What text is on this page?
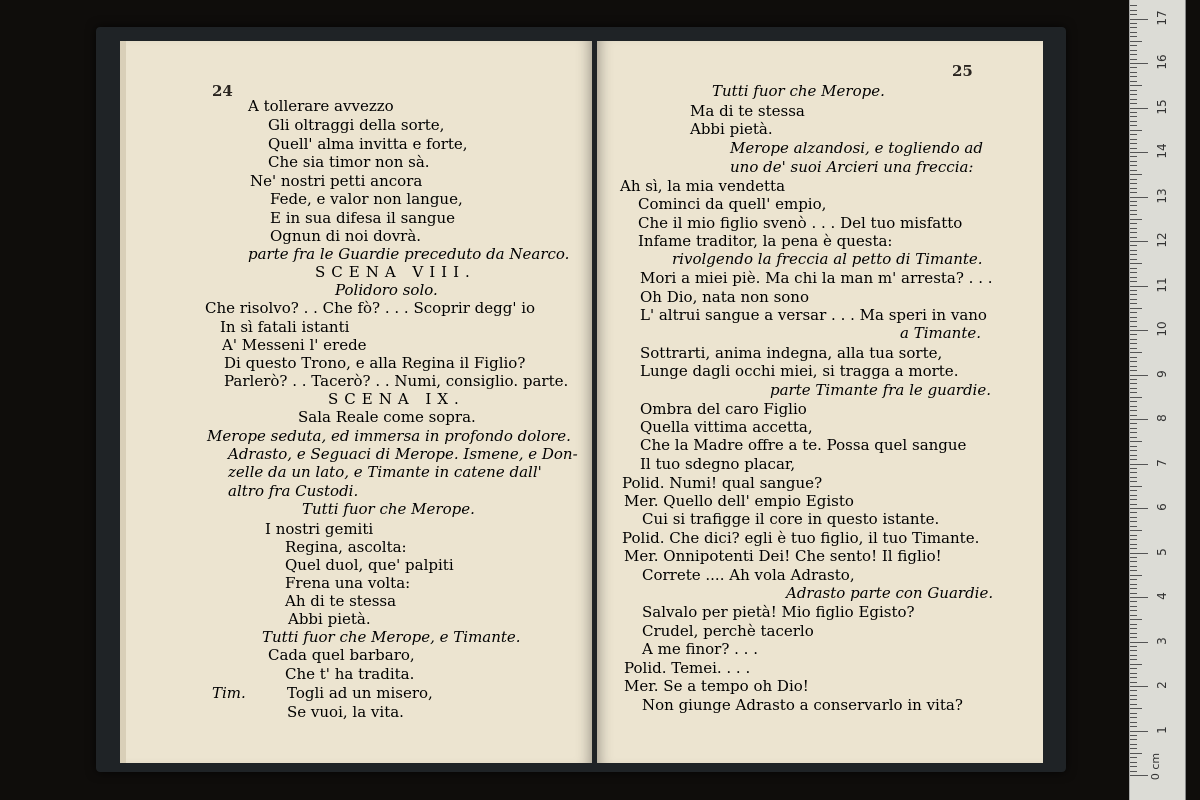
24
25
A tollerare avvezzo
Gli oltraggi della sorte,
Quell' alma invitta e forte,
Che sia timor non sà.
Ne' nostri petti ancora
Fede, e valor non langue,
E in sua difesa il sangue
Ognun di noi dovrà.
parte fra le Guardie preceduto da Nearco.
SCENA VIII.
Polidoro solo.
Che risolvo? . . Che fò? . . . Scoprir degg' io
In sì fatali istanti
A' Messeni l' erede
Di questo Trono, e alla Regina il Figlio?
Parlerò? . . Tacerò? . . Numi, consiglio. parte.
SCENA IX.
Sala Reale come sopra.
Merope seduta, ed immersa in profondo dolore.
Adrasto, e Seguaci di Merope. Ismene, e Don-
zelle da un lato, e Timante in catene dall'
altro fra Custodi.
Tutti fuor che Merope.
I nostri gemiti
Regina, ascolta:
Quel duol, que' palpiti
Frena una volta:
Ah di te stessa
Abbi pietà.
Tutti fuor che Merope, e Timante.
Cada quel barbaro,
Che t' ha tradita.
Tim.	Togli ad un misero,
Se vuoi, la vita.
Tutti fuor che Merope.
Ma di te stessa
Abbi pietà.
Merope alzandosi, e togliendo ad
uno de' suoi Arcieri una freccia:
Ah sì, la mia vendetta
Cominci da quell' empio,
Che il mio figlio svenò . . . Del tuo misfatto
Infame traditor, la pena è questa:
rivolgendo la freccia al petto di Timante.
Mori a miei piè. Ma chi la man m' arresta? . . .
Oh Dio, nata non sono
L' altrui sangue a versar . . . Ma speri in vano
a Timante.
Sottrarti, anima indegna, alla tua sorte,
Lunge dagli occhi miei, si tragga a morte.
parte Timante fra le guardie.
Ombra del caro Figlio
Quella vittima accetta,
Che la Madre offre a te. Possa quel sangue
Il tuo sdegno placar,
Polid. Numi! qual sangue?
Mer. Quello dell' empio Egisto
Cui si trafigge il core in questo istante.
Polid. Che dici? egli è tuo figlio, il tuo Timante.
Mer. Onnipotenti Dei! Che sento! Il figlio!
Correte .... Ah vola Adrasto,
Adrasto parte con Guardie.
Salvalo per pietà! Mio figlio Egisto?
Crudel, perchè tacerlo
A me finor? . . .
Polid. Temei. . . .
Mer. Se a tempo oh Dio!
Non giunge Adrasto a conservarlo in vita?
1
2
3
4
5
6
7
8
9
10
11
12
13
14
15
16
17
0 cm
